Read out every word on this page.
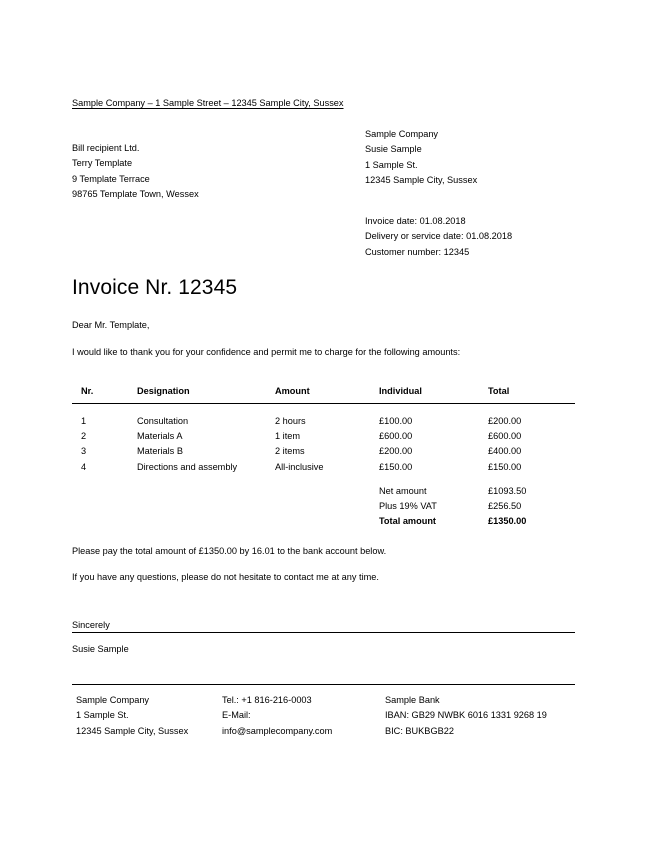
Sample Company – 1 Sample Street – 12345 Sample City, Sussex
Bill recipient Ltd.
Terry Template
9 Template Terrace
98765 Template Town, Wessex
Sample Company
Susie Sample
1 Sample St.
12345 Sample City, Sussex
Invoice date: 01.08.2018
Delivery or service date: 01.08.2018
Customer number: 12345
Invoice Nr. 12345
Dear Mr. Template,
I would like to thank you for your confidence and permit me to charge for the following amounts:
Nr.	Designation	Amount	Individual	Total
1	Consultation	2 hours	£100.00	£200.00
2	Materials A	1 item	£600.00	£600.00
3	Materials B	2 items	£200.00	£400.00
4	Directions and assembly	All-inclusive	£150.00	£150.00
Net amount	£1093.50
Plus 19% VAT	£256.50
Total amount	£1350.00
Please pay the total amount of £1350.00 by 16.01 to the bank account below.
If you have any questions, please do not hesitate to contact me at any time.
Sincerely
Susie Sample
Sample Company
1 Sample St.
12345 Sample City, Sussex
Tel.: +1 816-216-0003
E-Mail:
info@samplecompany.com
Sample Bank
IBAN: GB29 NWBK 6016 1331 9268 19
BIC: BUKBGB22
